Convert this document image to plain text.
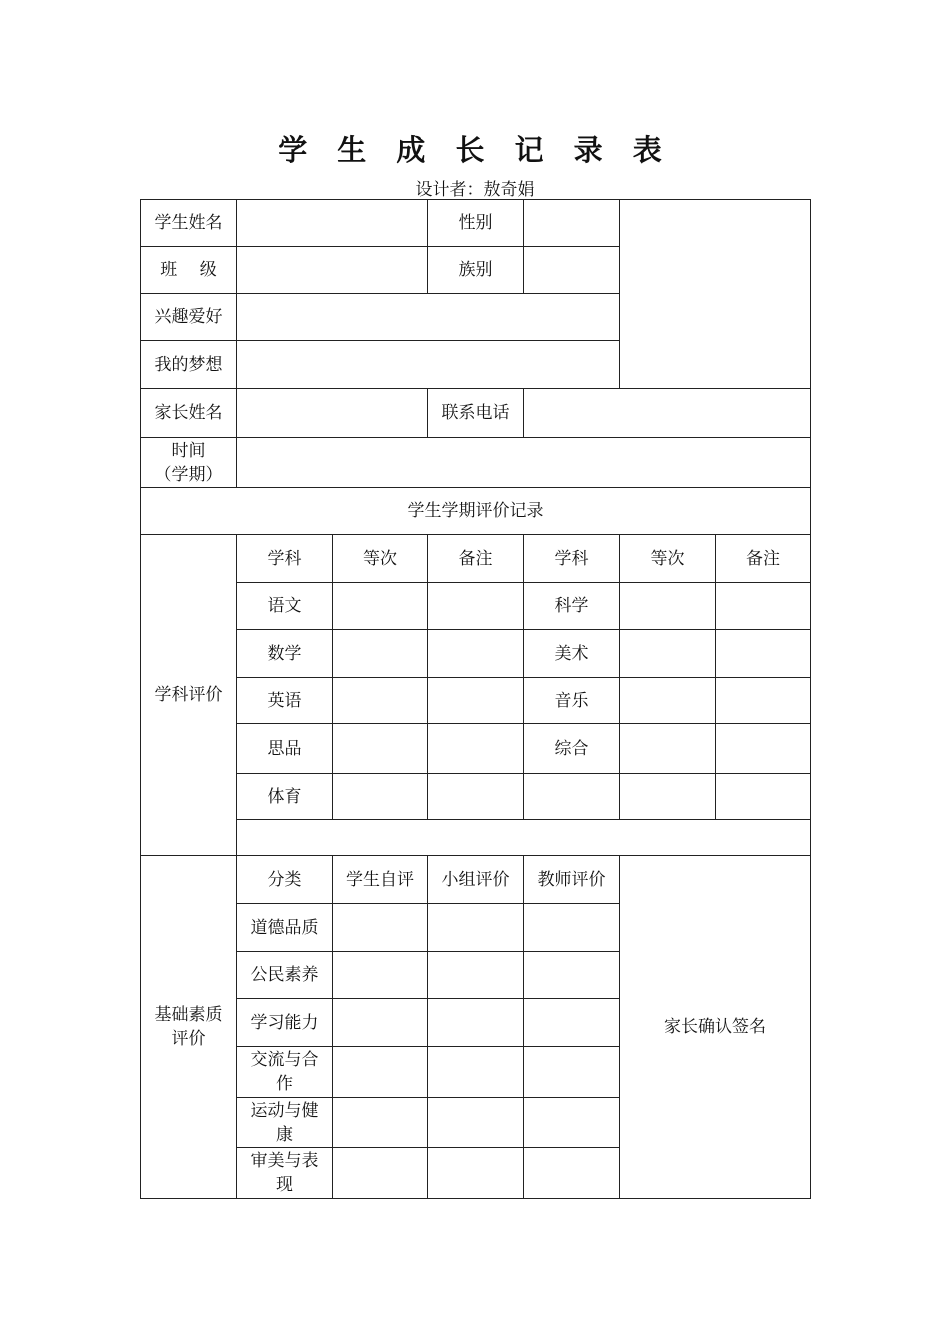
学 生 成 长 记 录 表
设计者：敖奇娟
学生姓名			性别			
班　 级			族别			
兴趣爱好						
我的梦想						
家长姓名			联系电话			

时间
（学期）						

学生学期评价记录						
学科评价	学科	等次	备注	学科	等次	备注
	语文			科学		
	数学			美术		
	英语			音乐		
	思品			综合		
	体育					

基础素质
评价	分类	学生自评	小组评价	教师评价	家长确认签名	

	道德品质					

	公民素养					

	学习能力					

	交流与合
作					

	运动与健
康					

	审美与表
现					
